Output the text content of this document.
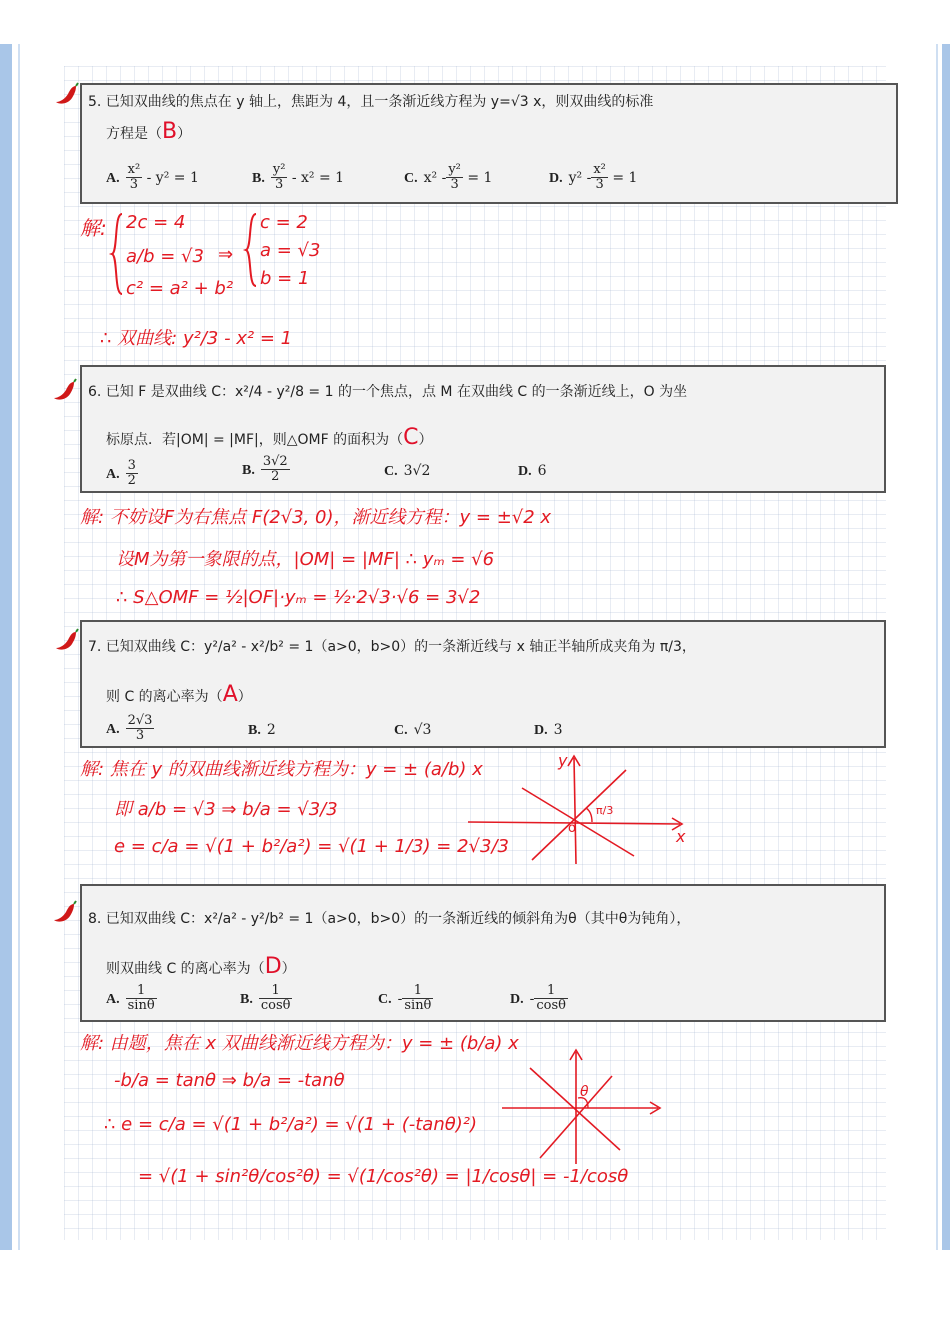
5. 已知双曲线的焦点在 y 轴上，焦距为 4，且一条渐近线方程为 y=√3 x，则双曲线的标准
方程是（B）
A. $\frac{\text{x²}}{3} - y^2 = 1$	B. $\frac{\text{y²}}{3} - x^2 = 1$	C. $x^2 - \frac{\text{y²}}{3} = 1$	D. $y^2 - \frac{\text{x²}}{3} = 1$
解: 2c = 4
a/b = √3
c² = a² + b²
⇒
c = 2
a = √3
b = 1
∴ 双曲线: y²/3 - x² = 1
6. 已知 F 是双曲线 C：x²/4 - y²/8 = 1 的一个焦点，点 M 在双曲线 C 的一条渐近线上，O 为坐
标原点．若|OM| = |MF|，则△OMF 的面积为（C）
A. $\frac{3}{2}$	B. $\frac{3√2}{2}$	C. 3√2	D. 6
解: 不妨设F为右焦点 F(2√3, 0)，渐近线方程：y = ±√2 x
设M为第一象限的点，|OM| = |MF| ∴ yₘ = √6
∴ S△OMF = ½|OF|·yₘ = ½·2√3·√6 = 3√2
7. 已知双曲线 C：y²/a² - x²/b² = 1（a>0，b>0）的一条渐近线与 x 轴正半轴所成夹角为 π/3，
则 C 的离心率为（A）
A. $\frac{2√3}{3}$	B. 2	C. √3	D. 3
解: 焦在 y 的双曲线渐近线方程为：y = ± (a/b) x
即 a/b = √3 ⇒ b/a = √3/3
e = c/a = √(1 + b²/a²) = √(1 + 1/3) = 2√3/3
y
x
o
π/3
8. 已知双曲线 C：x²/a² - y²/b² = 1（a>0，b>0）的一条渐近线的倾斜角为θ（其中θ为钝角），
则双曲线 C 的离心率为（D）
A. $\frac{1}{\sin\theta}$	B. $\frac{1}{\cos\theta}$	C. - $\frac{1}{\sin\theta}$	D. - $\frac{1}{\cos\theta}$
解: 由题，焦在 x 双曲线渐近线方程为：y = ± (b/a) x
-b/a = tanθ ⇒ b/a = -tanθ
∴ e = c/a = √(1 + b²/a²) = √(1 + (-tanθ)²)
= √(1 + sin²θ/cos²θ) = √(1/cos²θ) = |1/cosθ| = -1/cosθ
θ
